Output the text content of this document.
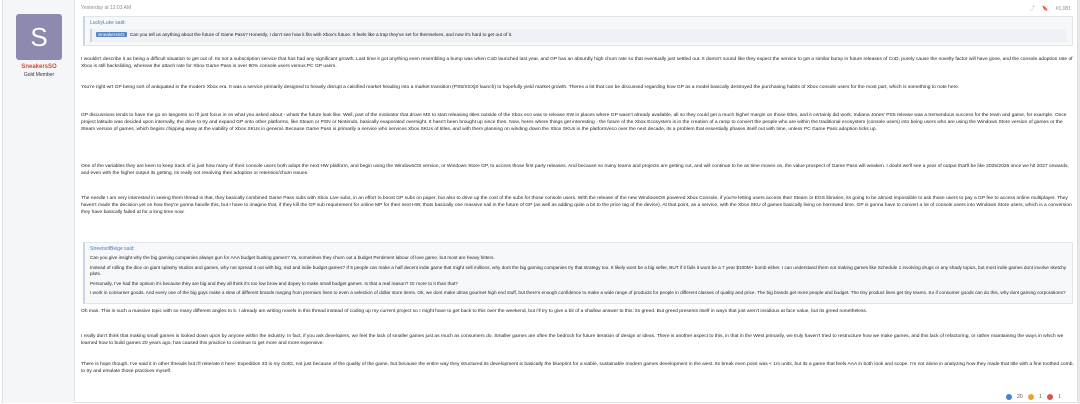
S
SneakersSO
Gold Member
Yesterday at 12:03 AM	⤴ 🔖 #1,081
LuckyLuke said:
SneakersSO Can you tell us anything about the future of Game Pass? Honestly, I don't see how it fits with Xbox's future. It feels like a trap they've set for themselves, and now it's hard to get out of it.
I wouldn't describe it as being a difficult situation to get out of. Its not a subscription service that has had any significant growth. Last time it got anything even resembling a bump was when CoD launched last year, and GP has an absurdly high churn rate so that eventually just settled out. It doesn't sound like they expect the service to get a similar bump in future releases of CoD, purely cause the novelty factor will have gone, and the console adoption rate of Xbox is still backsliding, whereas the attach rate for Xbox Game Pass is over 90% console users versus PC GP users.
You're right wrt GP being sort of antiquated in the modern Xbox era. It was a service primarily designed to heavily disrupt a calcified market heading into a market transition (PS5/XSXjS launch) to hopefully yield market growth. Theres a lot that can be discussed regarding how GP as a model basically destroyed the purchasing habits of Xbox console users for the most part, which is something to note here.
GP discussions tends to have me go on tangents so i'll just focus in on what you asked about - whats the future look like. Well, part of the motivator that drove MS to start releasing titles outside of the Xbox eco was to release SW in places where GP wasn't already available, all so they could get a much higher margin on those titles, and it certainly did work, Indiana Jones' PS5 release was a tremendous success for the team and game, for example. Once project latitude was decided upon internally, the drive to try and expand GP onto other platforms, like Steam or PSN or Nintendo, basically evaporated overnight. It hasn't been brought up since then. Now, heres where things get interesting - the future of the Xbox Ecosystem is in the creation of a ramp to convert the people who are within the traditional ecosystem (console users) into being users who are using the Windows Store version of games or the Steam version of games, which begins chipping away at the viability of Xbox SKUs in general. Because Game Pass is primarily a service who services Xbox SKUs of titles, and with them planning on winding down the Xbox SKUs in the platform/eco over the next decade, its a problem that essentially phases itself out with time, unless PC Game Pass adoption ticks up.
One of the variables they are keen to keep track of is just how many of their console users both adopt the next HW platform, and begin using the WindowsOS version, or Windows Store GP, to access those first party releases. And because so many teams and projects are getting cut, and will continue to be as time moves on, the value prospect of Game Pass will weaken. I doubt we'll see a year of output that'll be like 2025/2026 once we hit 2027 onwards, and even with the higher output its getting, its really not resolving their adoption or retention/churn issues.
The needle I am very interested in seeing them thread is that, they basically combined Game Pass subs with Xbox Live subs, in an effort to boost GP subs on paper, but also to drive up the cost of the subs for those console users. With the release of the new WindowsOS powered Xbox Console, if you're letting users access their Steam or EGS libraries, its going to be almost impossible to ask those users to pay a GP fee to access online multiplayer. They haven't made the decision yet on how they're gonna handle this, but I have to imagine that, if they kill the GP sub requirement for online MP for their next HW, thats basically one massive nail in the future of GP (as well as adding quite a bit to the price tag of the device). At that point, as a service, with the Xbox SKU of games basically living on borrowed time, GP is gonna have to convert a lot of console users into Windows Store users, which is a conversion they have basically failed at for a long time now.
StreetsofBeige said:

Can you give insight why the big gaming companies always gun for AAA budget busting games? Ya, sometimes they churn out a budget Pentiment labour of love game, but most are heavy hitters.

Instead of rolling the dice on giant splashy studios and games, why not spread it out with big, mid and indie budget games? If 5 people can make a half decent indie game that might sell millions, why dont the big gaming companies try that strategy too. It likely wont be a big seller, BUT if it fails it wont be a 7 year $100M+ bomb either. I can understand them not making games like Schedule 1 involving drugs or any shady topics, but most indie games dont involve sketchy plots.

Personally, I've had the opinion it's because they are big and they all think it's too low brow and dopey to make small budget games. Is that a real reason? Or more to it than that?

I work in consumer goods. And every one of the big guys make a slew of different brands ranging from premium lines to even a selection of dollar store items. Ok, we dont make ultras gourmet high end stuff, but there's enough confidence to make a wide range of products for people in different classes of quality and price. The big brands get more people and budget. The tiny product lines get tiny teams. So if consumer goods can do this, why dont gaming corporations?

Oh man. This is such a massive topic with so many different angles to it. I already am writing novels in this thread instead of coding up my current project so I might have to get back to this over the weekend, but i'll try to give a bit of a shallow answer to this: its greed. But greed presents itself in ways that just aren't insidious at face value, but its greed nonetheless.
I really don't think that making small games is looked down upon by anyone within the industry. In fact, if you ask developers, we feel the lack of smaller games just as much as consumers do. Smaller games are often the bedrock for future iteration of design or ideas. There is another aspect to this, in that in the West primarily, we truly haven't tried to restructure how we make games, and this lack of refactoring, or rather maintaining the ways in which we learned how to build games 20 years ago, has caused this practice to continue to get more and more expensive.
There is hope though. I've said it in other threads but i'll reiterate it here: Expedition 33 is my GotG, not just because of the quality of the game, but because the entire way they structured its development is basically the blueprint for a viable, sustainable modern games development in the west. Its break even point was < 1m units, but its a game that feels AAA in both look and scope. I'm not alone in analyzing how they made that title with a fine toothed comb, to try and emulate those practices myself.
20	1	1
